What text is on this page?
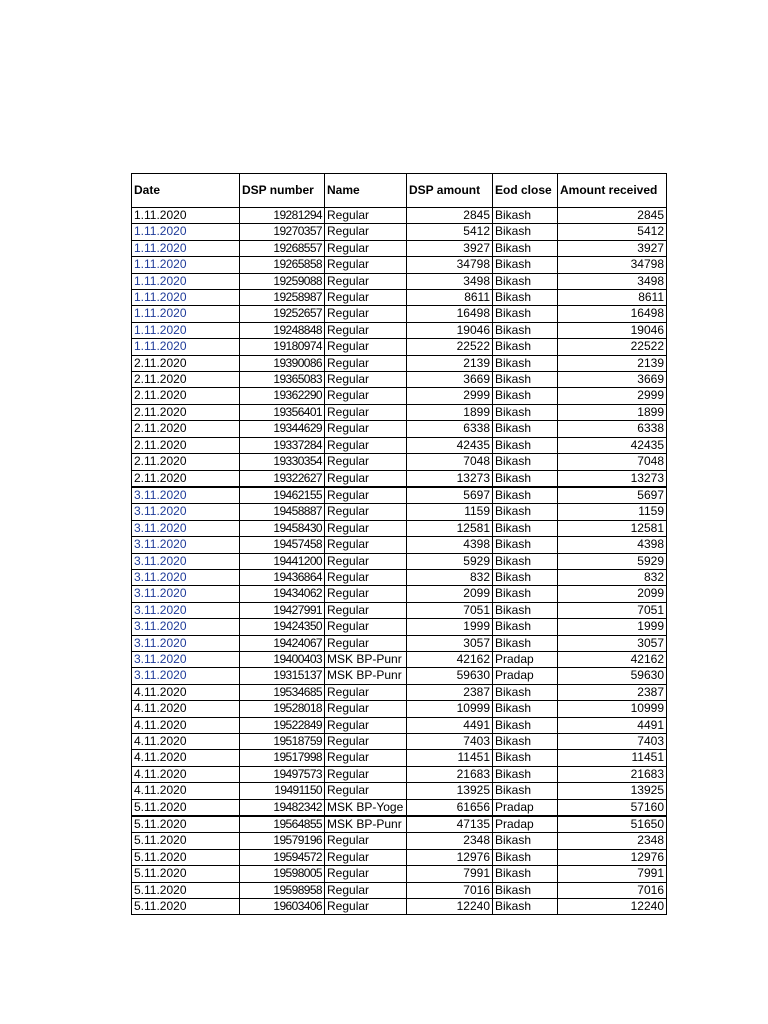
Date	DSP number	Name	DSP amount	Eod close	Amount received
1.11.2020	19281294	Regular	2845	Bikash	2845
1.11.2020	19270357	Regular	5412	Bikash	5412
1.11.2020	19268557	Regular	3927	Bikash	3927
1.11.2020	19265858	Regular	34798	Bikash	34798
1.11.2020	19259088	Regular	3498	Bikash	3498
1.11.2020	19258987	Regular	8611	Bikash	8611
1.11.2020	19252657	Regular	16498	Bikash	16498
1.11.2020	19248848	Regular	19046	Bikash	19046
1.11.2020	19180974	Regular	22522	Bikash	22522
2.11.2020	19390086	Regular	2139	Bikash	2139
2.11.2020	19365083	Regular	3669	Bikash	3669
2.11.2020	19362290	Regular	2999	Bikash	2999
2.11.2020	19356401	Regular	1899	Bikash	1899
2.11.2020	19344629	Regular	6338	Bikash	6338
2.11.2020	19337284	Regular	42435	Bikash	42435
2.11.2020	19330354	Regular	7048	Bikash	7048
2.11.2020	19322627	Regular	13273	Bikash	13273
3.11.2020	19462155	Regular	5697	Bikash	5697
3.11.2020	19458887	Regular	1159	Bikash	1159
3.11.2020	19458430	Regular	12581	Bikash	12581
3.11.2020	19457458	Regular	4398	Bikash	4398
3.11.2020	19441200	Regular	5929	Bikash	5929
3.11.2020	19436864	Regular	832	Bikash	832
3.11.2020	19434062	Regular	2099	Bikash	2099
3.11.2020	19427991	Regular	7051	Bikash	7051
3.11.2020	19424350	Regular	1999	Bikash	1999
3.11.2020	19424067	Regular	3057	Bikash	3057
3.11.2020	19400403	MSK BP-Punr	42162	Pradap	42162
3.11.2020	19315137	MSK BP-Punr	59630	Pradap	59630
4.11.2020	19534685	Regular	2387	Bikash	2387
4.11.2020	19528018	Regular	10999	Bikash	10999
4.11.2020	19522849	Regular	4491	Bikash	4491
4.11.2020	19518759	Regular	7403	Bikash	7403
4.11.2020	19517998	Regular	11451	Bikash	11451
4.11.2020	19497573	Regular	21683	Bikash	21683
4.11.2020	19491150	Regular	13925	Bikash	13925
5.11.2020	19482342	MSK BP-Yoge	61656	Pradap	57160
5.11.2020	19564855	MSK BP-Punr	47135	Pradap	51650
5.11.2020	19579196	Regular	2348	Bikash	2348
5.11.2020	19594572	Regular	12976	Bikash	12976
5.11.2020	19598005	Regular	7991	Bikash	7991
5.11.2020	19598958	Regular	7016	Bikash	7016
5.11.2020	19603406	Regular	12240	Bikash	12240
